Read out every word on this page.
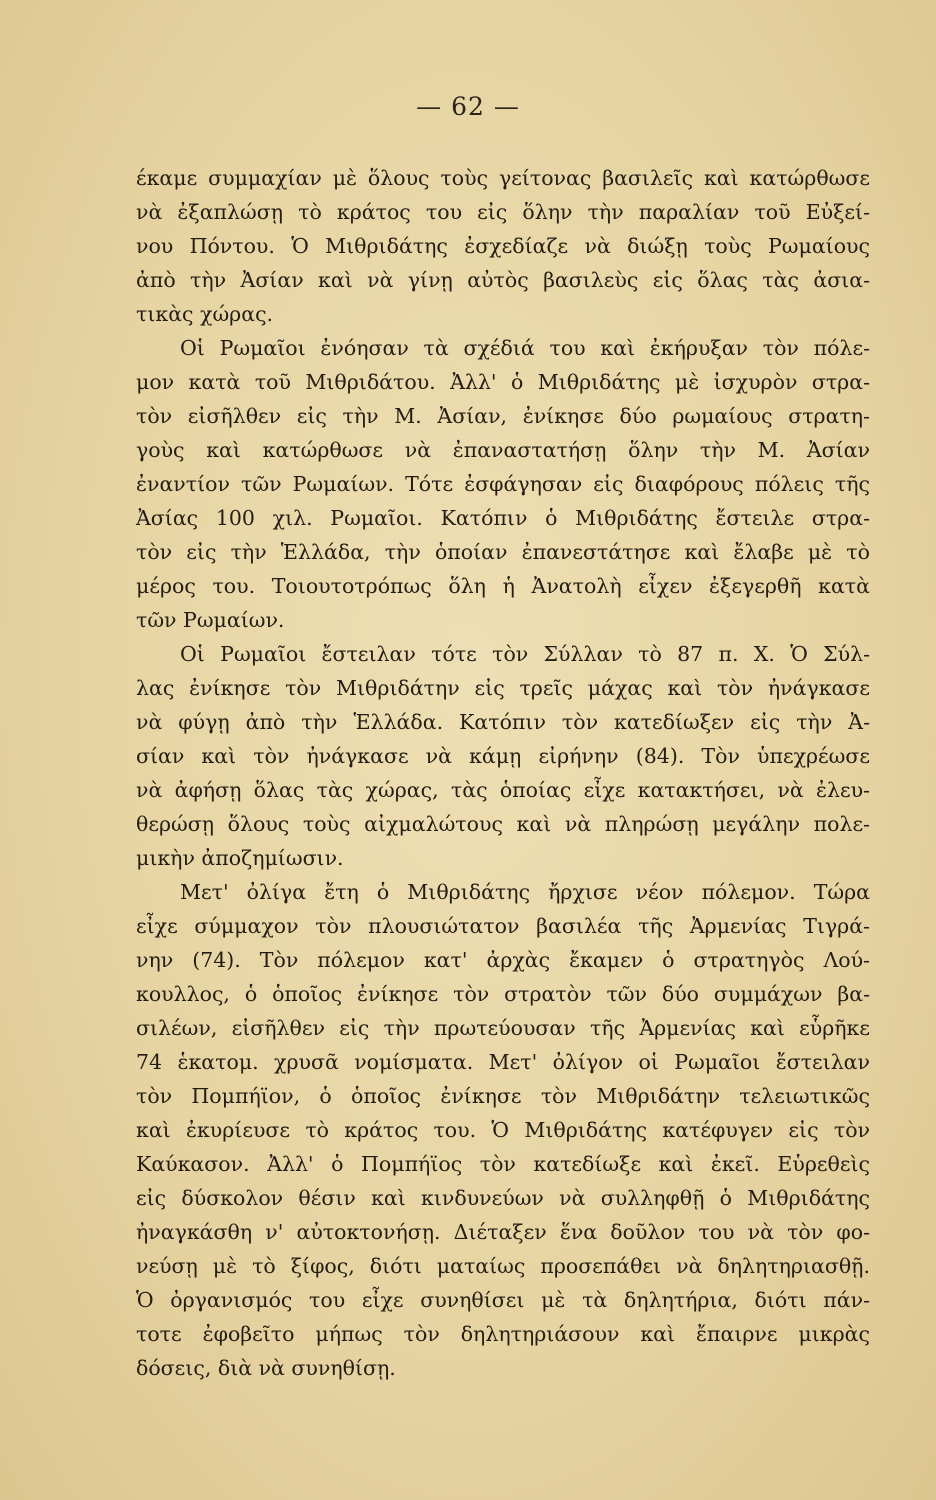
— 62 —
έκαμε συμμαχίαν μὲ ὅλους τοὺς γείτονας βασιλεῖς καὶ κατώρθωσε
νὰ ἐξαπλώσῃ τὸ κράτος του εἰς ὅλην τὴν παραλίαν τοῦ Εὐξεί-
νου Πόντου. Ὁ Μιθριδάτης ἐσχεδίαζε νὰ διώξῃ τοὺς Ρωμαίους
ἀπὸ τὴν Ἀσίαν καὶ νὰ γίνῃ αὐτὸς βασιλεὺς εἰς ὅλας τὰς ἀσια-
τικὰς χώρας.
Οἱ Ρωμαῖοι ἐνόησαν τὰ σχέδιά του καὶ ἐκήρυξαν τὸν πόλε-
μον κατὰ τοῦ Μιθριδάτου. Ἀλλ' ὁ Μιθριδάτης μὲ ἰσχυρὸν στρα-
τὸν εἰσῆλθεν εἰς τὴν Μ. Ἀσίαν, ἐνίκησε δύο ρωμαίους στρατη-
γοὺς καὶ κατώρθωσε νὰ ἐπαναστατήσῃ ὅλην τὴν Μ. Ἀσίαν
ἐναντίον τῶν Ρωμαίων. Τότε ἐσφάγησαν εἰς διαφόρους πόλεις τῆς
Ἀσίας 100 χιλ. Ρωμαῖοι. Κατόπιν ὁ Μιθριδάτης ἔστειλε στρα-
τὸν εἰς τὴν Ἑλλάδα, τὴν ὁποίαν ἐπανεστάτησε καὶ ἔλαβε μὲ τὸ
μέρος του. Τοιουτοτρόπως ὅλη ἡ Ἀνατολὴ εἶχεν ἐξεγερθῆ κατὰ
τῶν Ρωμαίων.
Οἱ Ρωμαῖοι ἔστειλαν τότε τὸν Σύλλαν τὸ 87 π. Χ. Ὁ Σύλ-
λας ἐνίκησε τὸν Μιθριδάτην εἰς τρεῖς μάχας καὶ τὸν ἠνάγκασε
νὰ φύγῃ ἀπὸ τὴν Ἑλλάδα. Κατόπιν τὸν κατεδίωξεν εἰς τὴν Ἀ-
σίαν καὶ τὸν ἠνάγκασε νὰ κάμῃ εἰρήνην (84). Τὸν ὑπεχρέωσε
νὰ ἀφήσῃ ὅλας τὰς χώρας, τὰς ὁποίας εἶχε κατακτήσει, νὰ ἐλευ-
θερώσῃ ὅλους τοὺς αἰχμαλώτους καὶ νὰ πληρώσῃ μεγάλην πολε-
μικὴν ἀποζημίωσιν.
Μετ' ὀλίγα ἔτη ὁ Μιθριδάτης ἤρχισε νέον πόλεμον. Τώρα
εἶχε σύμμαχον τὸν πλουσιώτατον βασιλέα τῆς Ἀρμενίας Τιγρά-
νην (74). Τὸν πόλεμον κατ' ἀρχὰς ἔκαμεν ὁ στρατηγὸς Λού-
κουλλος, ὁ ὁποῖος ἐνίκησε τὸν στρατὸν τῶν δύο συμμάχων βα-
σιλέων, εἰσῆλθεν εἰς τὴν πρωτεύουσαν τῆς Ἀρμενίας καὶ εὗρῆκε
74 ἑκατομ. χρυσᾶ νομίσματα. Μετ' ὀλίγον οἱ Ρωμαῖοι ἔστειλαν
τὸν Πομπήϊον, ὁ ὁποῖος ἐνίκησε τὸν Μιθριδάτην τελειωτικῶς
καὶ ἐκυρίευσε τὸ κράτος του. Ὁ Μιθριδάτης κατέφυγεν εἰς τὸν
Καύκασον. Ἀλλ' ὁ Πομπήϊος τὸν κατεδίωξε καὶ ἐκεῖ. Εὑρεθεὶς
εἰς δύσκολον θέσιν καὶ κινδυνεύων νὰ συλληφθῇ ὁ Μιθριδάτης
ἠναγκάσθη ν' αὐτοκτονήσῃ. Διέταξεν ἕνα δοῦλον του νὰ τὸν φο-
νεύσῃ μὲ τὸ ξίφος, διότι ματαίως προσεπάθει νὰ δηλητηριασθῇ.
Ὁ ὀργανισμός του εἶχε συνηθίσει μὲ τὰ δηλητήρια, διότι πάν-
τοτε ἐφοβεῖτο μήπως τὸν δηλητηριάσουν καὶ ἔπαιρνε μικρὰς
δόσεις, διὰ νὰ συνηθίσῃ.
